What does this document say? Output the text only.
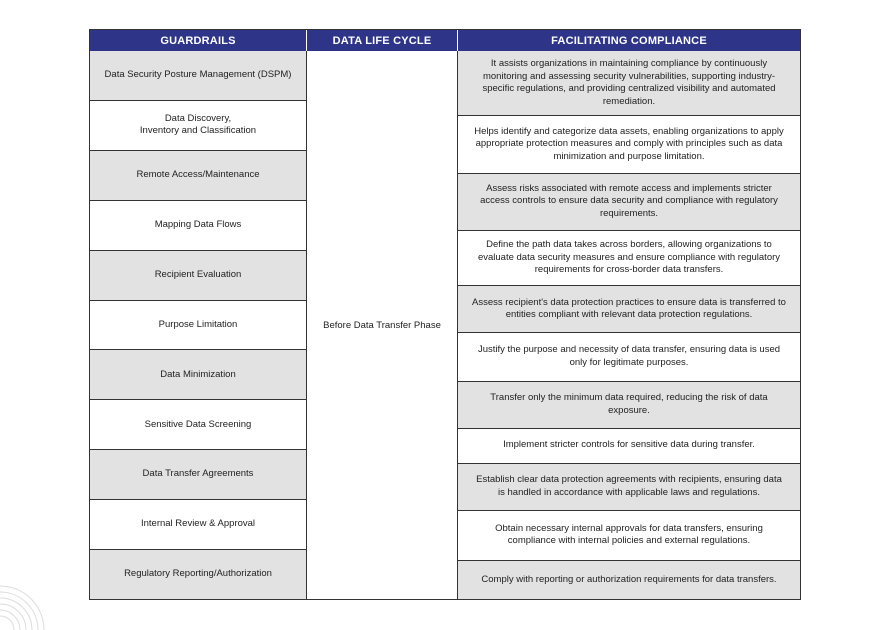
GUARDRAILS	DATA LIFE CYCLE	FACILITATING COMPLIANCE
Data Security Posture Management (DSPM)
Data Discovery,
Inventory and Classification
Remote Access/Maintenance
Mapping Data Flows
Recipient Evaluation
Purpose Limitation
Data Minimization
Sensitive Data Screening
Data Transfer Agreements
Internal Review & Approval
Regulatory Reporting/Authorization
Before Data Transfer Phase
It assists organizations in maintaining compliance by continuously monitoring and assessing security vulnerabilities, supporting industry-specific regulations, and providing centralized visibility and automated remediation.
Helps identify and categorize data assets, enabling organizations to apply appropriate protection measures and comply with principles such as data minimization and purpose limitation.
Assess risks associated with remote access and implements stricter access controls to ensure data security and compliance with regulatory requirements.
Define the path data takes across borders, allowing organizations to evaluate data security measures and ensure compliance with regulatory requirements for cross-border data transfers.
Assess recipient's data protection practices to ensure data is transferred to entities compliant with relevant data protection regulations.
Justify the purpose and necessity of data transfer, ensuring data is used only for legitimate purposes.
Transfer only the minimum data required, reducing the risk of data exposure.
Implement stricter controls for sensitive data during transfer.
Establish clear data protection agreements with recipients, ensuring data is handled in accordance with applicable laws and regulations.
Obtain necessary internal approvals for data transfers, ensuring compliance with internal policies and external regulations.
Comply with reporting or authorization requirements for data transfers.
